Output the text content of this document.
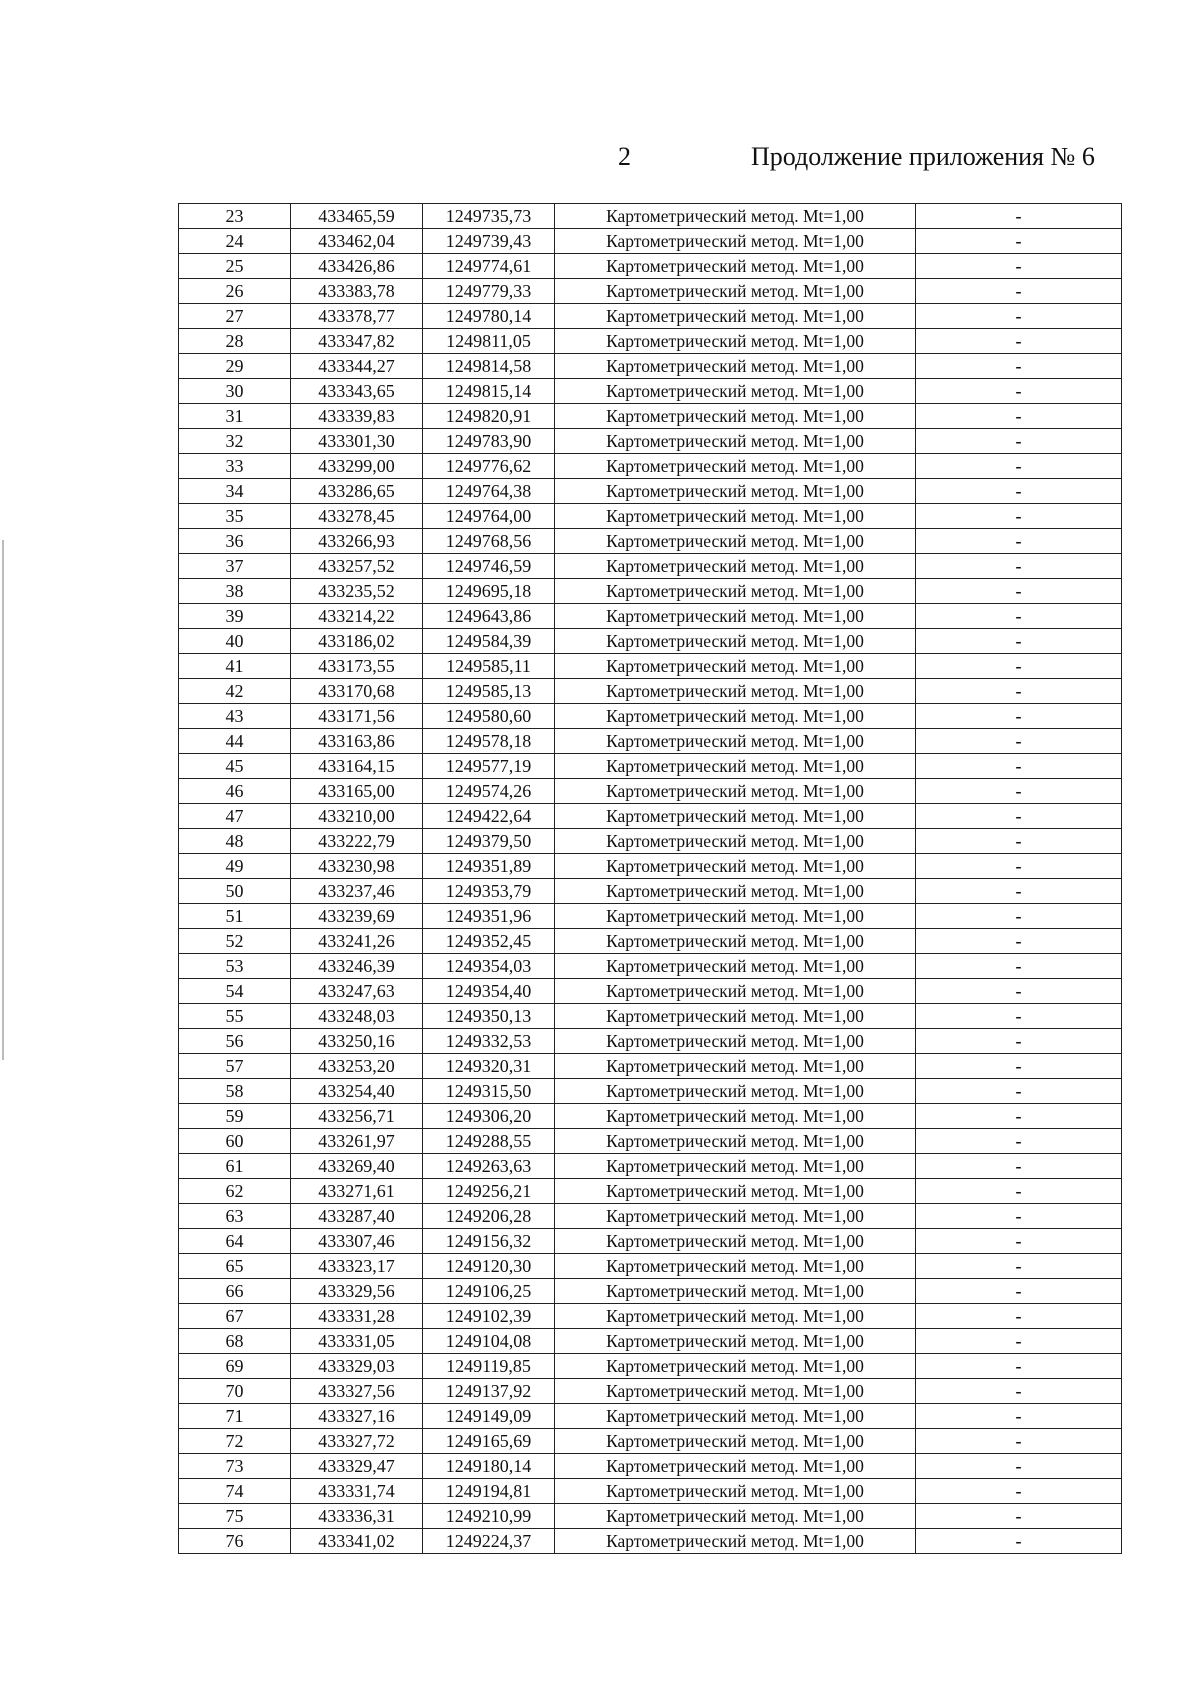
2	Продолжение приложения № 6
23	433465,59	1249735,73	Картометрический метод. Mt=1,00	-
24	433462,04	1249739,43	Картометрический метод. Mt=1,00	-
25	433426,86	1249774,61	Картометрический метод. Mt=1,00	-
26	433383,78	1249779,33	Картометрический метод. Mt=1,00	-
27	433378,77	1249780,14	Картометрический метод. Mt=1,00	-
28	433347,82	1249811,05	Картометрический метод. Mt=1,00	-
29	433344,27	1249814,58	Картометрический метод. Mt=1,00	-
30	433343,65	1249815,14	Картометрический метод. Mt=1,00	-
31	433339,83	1249820,91	Картометрический метод. Mt=1,00	-
32	433301,30	1249783,90	Картометрический метод. Mt=1,00	-
33	433299,00	1249776,62	Картометрический метод. Mt=1,00	-
34	433286,65	1249764,38	Картометрический метод. Mt=1,00	-
35	433278,45	1249764,00	Картометрический метод. Mt=1,00	-
36	433266,93	1249768,56	Картометрический метод. Mt=1,00	-
37	433257,52	1249746,59	Картометрический метод. Mt=1,00	-
38	433235,52	1249695,18	Картометрический метод. Mt=1,00	-
39	433214,22	1249643,86	Картометрический метод. Mt=1,00	-
40	433186,02	1249584,39	Картометрический метод. Mt=1,00	-
41	433173,55	1249585,11	Картометрический метод. Mt=1,00	-
42	433170,68	1249585,13	Картометрический метод. Mt=1,00	-
43	433171,56	1249580,60	Картометрический метод. Mt=1,00	-
44	433163,86	1249578,18	Картометрический метод. Mt=1,00	-
45	433164,15	1249577,19	Картометрический метод. Mt=1,00	-
46	433165,00	1249574,26	Картометрический метод. Mt=1,00	-
47	433210,00	1249422,64	Картометрический метод. Mt=1,00	-
48	433222,79	1249379,50	Картометрический метод. Mt=1,00	-
49	433230,98	1249351,89	Картометрический метод. Mt=1,00	-
50	433237,46	1249353,79	Картометрический метод. Mt=1,00	-
51	433239,69	1249351,96	Картометрический метод. Mt=1,00	-
52	433241,26	1249352,45	Картометрический метод. Mt=1,00	-
53	433246,39	1249354,03	Картометрический метод. Mt=1,00	-
54	433247,63	1249354,40	Картометрический метод. Mt=1,00	-
55	433248,03	1249350,13	Картометрический метод. Mt=1,00	-
56	433250,16	1249332,53	Картометрический метод. Mt=1,00	-
57	433253,20	1249320,31	Картометрический метод. Mt=1,00	-
58	433254,40	1249315,50	Картометрический метод. Mt=1,00	-
59	433256,71	1249306,20	Картометрический метод. Mt=1,00	-
60	433261,97	1249288,55	Картометрический метод. Mt=1,00	-
61	433269,40	1249263,63	Картометрический метод. Mt=1,00	-
62	433271,61	1249256,21	Картометрический метод. Mt=1,00	-
63	433287,40	1249206,28	Картометрический метод. Mt=1,00	-
64	433307,46	1249156,32	Картометрический метод. Mt=1,00	-
65	433323,17	1249120,30	Картометрический метод. Mt=1,00	-
66	433329,56	1249106,25	Картометрический метод. Mt=1,00	-
67	433331,28	1249102,39	Картометрический метод. Mt=1,00	-
68	433331,05	1249104,08	Картометрический метод. Mt=1,00	-
69	433329,03	1249119,85	Картометрический метод. Mt=1,00	-
70	433327,56	1249137,92	Картометрический метод. Mt=1,00	-
71	433327,16	1249149,09	Картометрический метод. Mt=1,00	-
72	433327,72	1249165,69	Картометрический метод. Mt=1,00	-
73	433329,47	1249180,14	Картометрический метод. Mt=1,00	-
74	433331,74	1249194,81	Картометрический метод. Mt=1,00	-
75	433336,31	1249210,99	Картометрический метод. Mt=1,00	-
76	433341,02	1249224,37	Картометрический метод. Mt=1,00	-
